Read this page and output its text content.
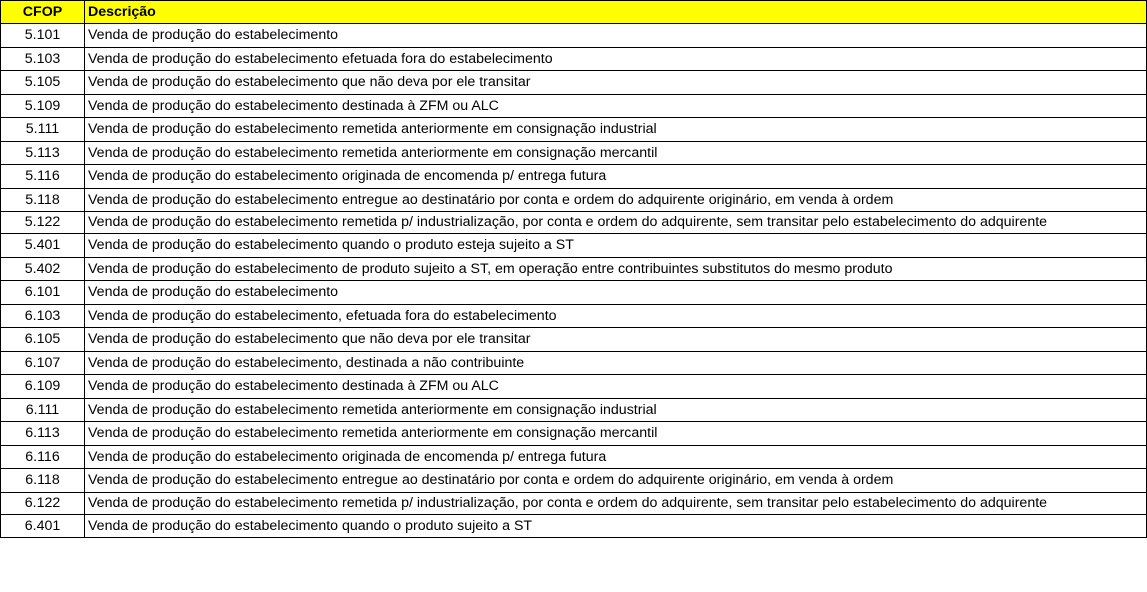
CFOP	Descrição
5.101	Venda de produção do estabelecimento
5.103	Venda de produção do estabelecimento efetuada fora do estabelecimento
5.105	Venda de produção do estabelecimento que não deva por ele transitar
5.109	Venda de produção do estabelecimento destinada à ZFM ou ALC
5.111	Venda de produção do estabelecimento remetida anteriormente em consignação industrial
5.113	Venda de produção do estabelecimento remetida anteriormente em consignação mercantil
5.116	Venda de produção do estabelecimento originada de encomenda p/ entrega futura
5.118	Venda de produção do estabelecimento entregue ao destinatário por conta e ordem do adquirente originário, em venda à ordem
5.122	Venda de produção do estabelecimento remetida p/ industrialização, por conta e ordem do adquirente, sem transitar pelo estabelecimento do adquirente
5.401	Venda de produção do estabelecimento quando o produto esteja sujeito a ST
5.402	Venda de produção do estabelecimento de produto sujeito a ST, em operação entre contribuintes substitutos do mesmo produto
6.101	Venda de produção do estabelecimento
6.103	Venda de produção do estabelecimento, efetuada fora do estabelecimento
6.105	Venda de produção do estabelecimento que não deva por ele transitar
6.107	Venda de produção do estabelecimento, destinada a não contribuinte
6.109	Venda de produção do estabelecimento destinada à ZFM ou ALC
6.111	Venda de produção do estabelecimento remetida anteriormente em consignação industrial
6.113	Venda de produção do estabelecimento remetida anteriormente em consignação mercantil
6.116	Venda de produção do estabelecimento originada de encomenda p/ entrega futura
6.118	Venda de produção do estabelecimento entregue ao destinatário por conta e ordem do adquirente originário, em venda à ordem
6.122	Venda de produção do estabelecimento remetida p/ industrialização, por conta e ordem do adquirente, sem transitar pelo estabelecimento do adquirente
6.401	Venda de produção do estabelecimento quando o produto sujeito a ST
